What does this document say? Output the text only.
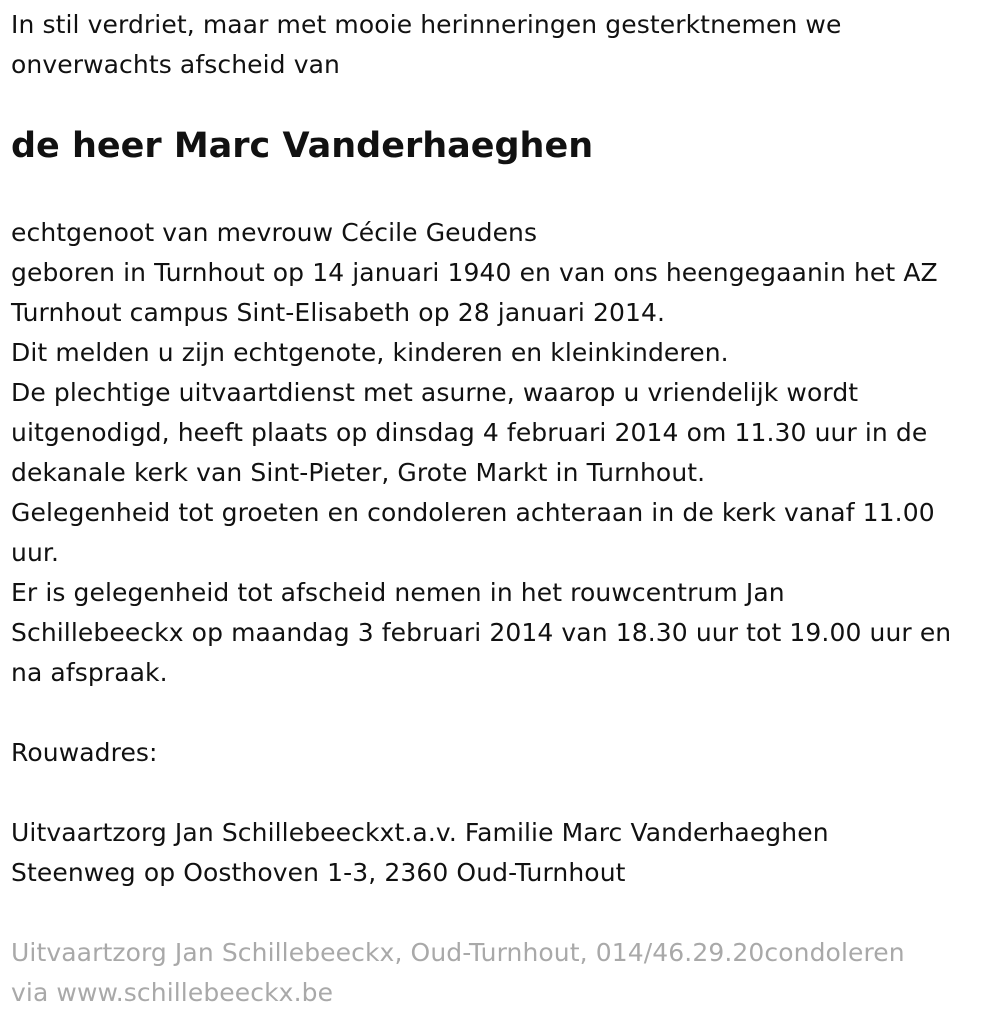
In stil verdriet, maar met mooie herinneringen gesterktnemen we
onverwachts afscheid van
de heer Marc Vanderhaeghen
echtgenoot van mevrouw Cécile Geudens
geboren in Turnhout op 14 januari 1940 en van ons heengegaanin het AZ
Turnhout campus Sint-Elisabeth op 28 januari 2014.
Dit melden u zijn echtgenote, kinderen en kleinkinderen.
De plechtige uitvaartdienst met asurne, waarop u vriendelijk wordt
uitgenodigd, heeft plaats op dinsdag 4 februari 2014 om 11.30 uur in de
dekanale kerk van Sint-Pieter, Grote Markt in Turnhout.
Gelegenheid tot groeten en condoleren achteraan in de kerk vanaf 11.00
uur.
Er is gelegenheid tot afscheid nemen in het rouwcentrum Jan
Schillebeeckx op maandag 3 februari 2014 van 18.30 uur tot 19.00 uur en
na afspraak.
Rouwadres:
Uitvaartzorg Jan Schillebeeckxt.a.v. Familie Marc Vanderhaeghen
Steenweg op Oosthoven 1-3, 2360 Oud-Turnhout
Uitvaartzorg Jan Schillebeeckx, Oud-Turnhout, 014/46.29.20condoleren
via www.schillebeeckx.be
